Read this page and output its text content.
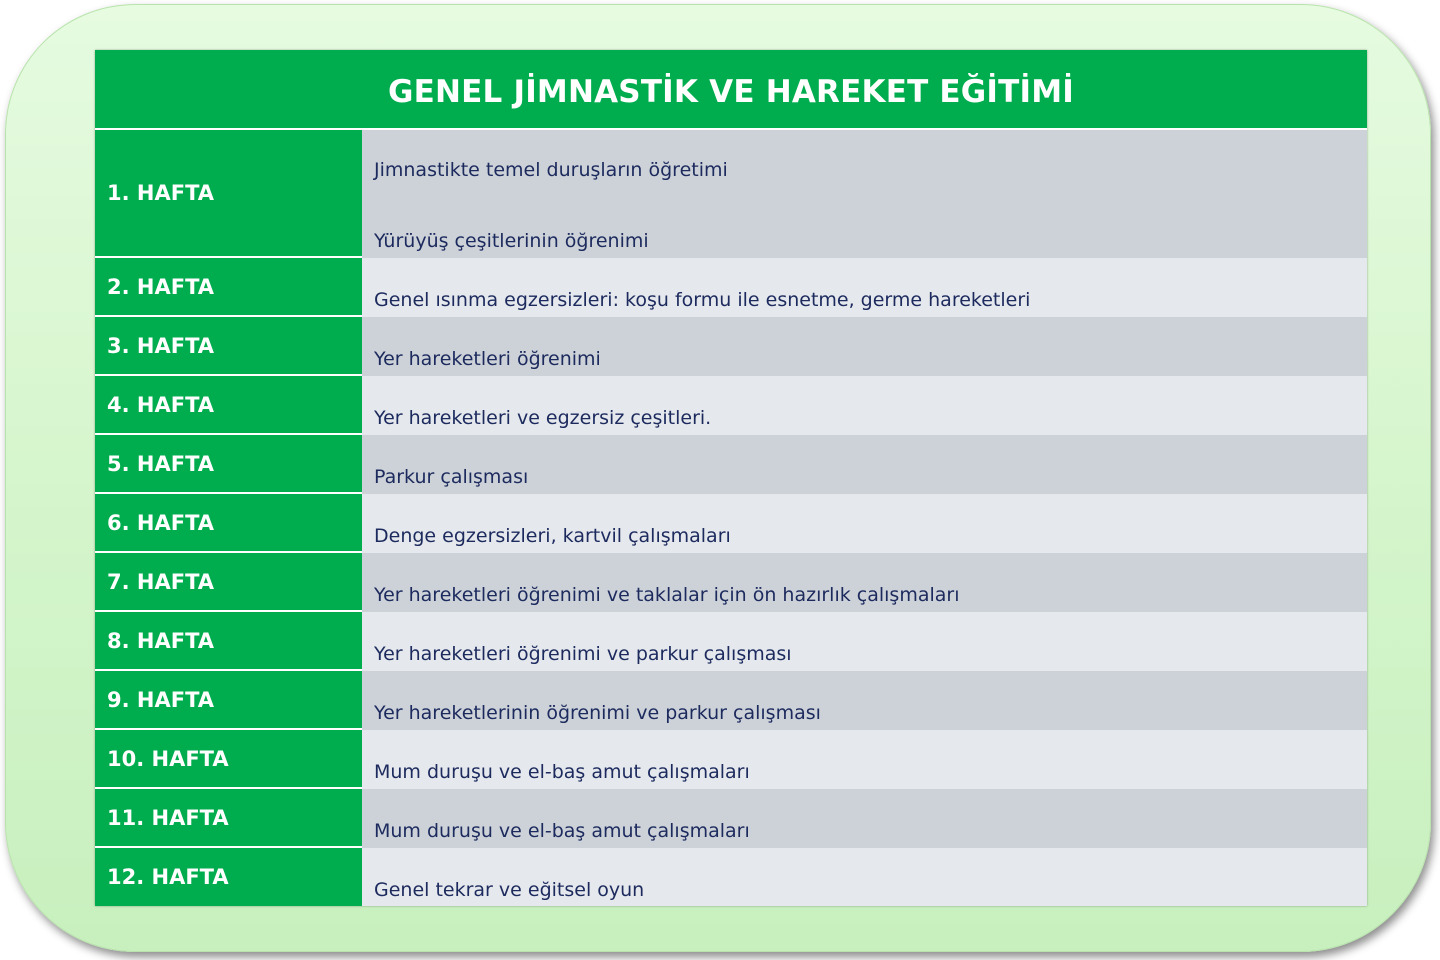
GENEL JİMNASTİK VE HAREKET EĞİTİMİ
1. HAFTA
Jimnastikte temel duruşların öğretimi
Yürüyüş çeşitlerinin öğrenimi
2. HAFTA
Genel ısınma egzersizleri: koşu formu ile esnetme, germe hareketleri
3. HAFTA
Yer hareketleri öğrenimi
4. HAFTA
Yer hareketleri ve egzersiz çeşitleri.
5. HAFTA
Parkur çalışması
6. HAFTA
Denge egzersizleri, kartvil çalışmaları
7. HAFTA
Yer hareketleri öğrenimi ve taklalar için ön hazırlık çalışmaları
8. HAFTA
Yer hareketleri öğrenimi ve parkur çalışması
9. HAFTA
Yer hareketlerinin öğrenimi ve parkur çalışması
10. HAFTA
Mum duruşu ve el-baş amut çalışmaları
11. HAFTA
Mum duruşu ve el-baş amut çalışmaları
12. HAFTA
Genel tekrar ve eğitsel oyun
